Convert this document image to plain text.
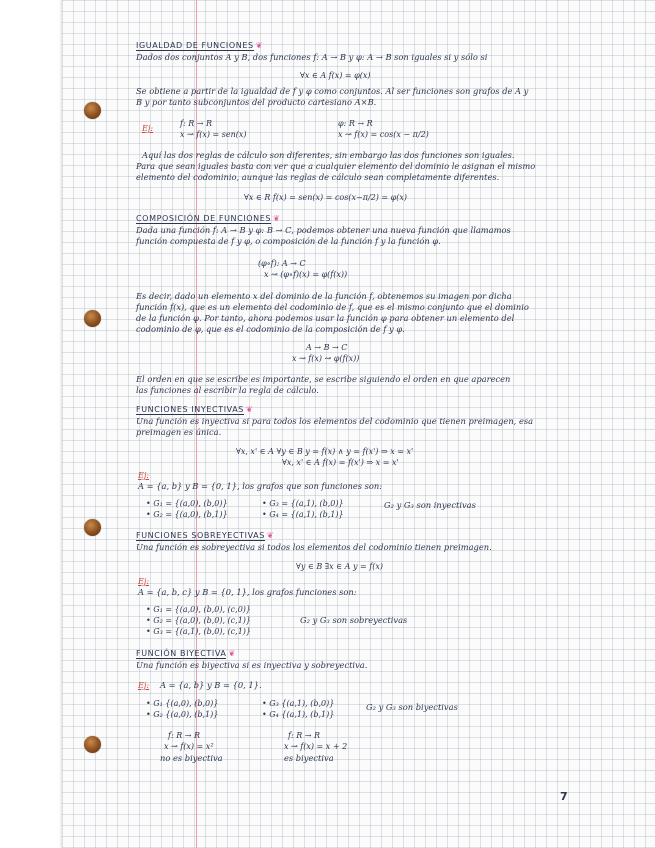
IGUALDAD DE FUNCIONES ❦
Dados dos conjuntos A y B, dos funciones f: A → B y φ: A → B son iguales si y sólo si
∀x ∈ A f(x) = φ(x)
Se obtiene a partir de la igualdad de f y φ como conjuntos. Al ser funciones son grafos de A y
B y por tanto subconjuntos del producto cartesiano A×B.
Ej:
f: R → R
x ↝ f(x) = sen(x)
φ: R → R
x ↝ f(x) = cos(x − π/2)
Aquí las dos reglas de cálculo son diferentes, sin embargo las dos funciones son iguales.
Para que sean iguales basta con ver que a cualquier elemento del dominio le asignan el mismo
elemento del codominio, aunque las reglas de cálculo sean completamente diferentes.
∀x ∈ R f(x) = sen(x) = cos(x−π/2) = φ(x)
COMPOSICIÓN DE FUNCIONES ❦
Dada una función f: A → B y φ: B → C, podemos obtener una nueva función que llamamos
función compuesta de f y φ, o composición de la función f y la función φ.
(φ∘f): A → C
x ↝ (φ∘f)(x) = φ(f(x))
Es decir, dado un elemento x del dominio de la función f, obtenemos su imagen por dicha
función f(x), que es un elemento del codominio de f, que es el mismo conjunto que el dominio
de la función φ. Por tanto, ahora podemos usar la función φ para obtener un elemento del
codominio de φ, que es el codominio de la composición de f y φ.
A → B → C
x ↝ f(x) ↝ φ(f(x))
El orden en que se escribe es importante, se escribe siguiendo el orden en que aparecen
las funciones al escribir la regla de cálculo.
FUNCIONES INYECTIVAS ❦
Una función es inyectiva si para todos los elementos del codominio que tienen preimagen, esa
preimagen es única.
∀x, x' ∈ A ∀y ∈ B y = f(x) ∧ y = f(x') ⇒ x = x'
∀x, x' ∈ A f(x) = f(x') ⇒ x = x'
Ej:
A = {a, b} y B = {0, 1}, los grafos que son funciones son:
• G₁ = {(a,0), (b,0)}
• G₂ = {(a,0), (b,1)}
• G₃ = {(a,1), (b,0)}
• G₄ = {(a,1), (b,1)}
G₂ y G₃ son inyectivas
FUNCIONES SOBREYECTIVAS ❦
Una función es sobreyectiva si todos los elementos del codominio tienen preimagen.
∀y ∈ B ∃x ∈ A y = f(x)
Ej:
A = {a, b, c} y B = {0, 1}, los grafos funciones son:
• G₁ = {(a,0), (b,0), (c,0)}
• G₂ = {(a,0), (b,0), (c,1)}
• G₃ = {(a,1), (b,0), (c,1)}
G₂ y G₃ son sobreyectivas
FUNCIÓN BIYECTIVA ❦
Una función es biyectiva si es inyectiva y sobreyectiva.
Ej: A = {a, b} y B = {0, 1}.
• G₁ {(a,0), (b,0)}
• G₂ {(a,0), (b,1)}
• G₃ {(a,1), (b,0)}
• G₄ {(a,1), (b,1)}
G₂ y G₃ son biyectivas
f: R → R
x ↝ f(x) = x²
no es biyectiva
f: R → R
x ↝ f(x) = x + 2
es biyectiva
7
